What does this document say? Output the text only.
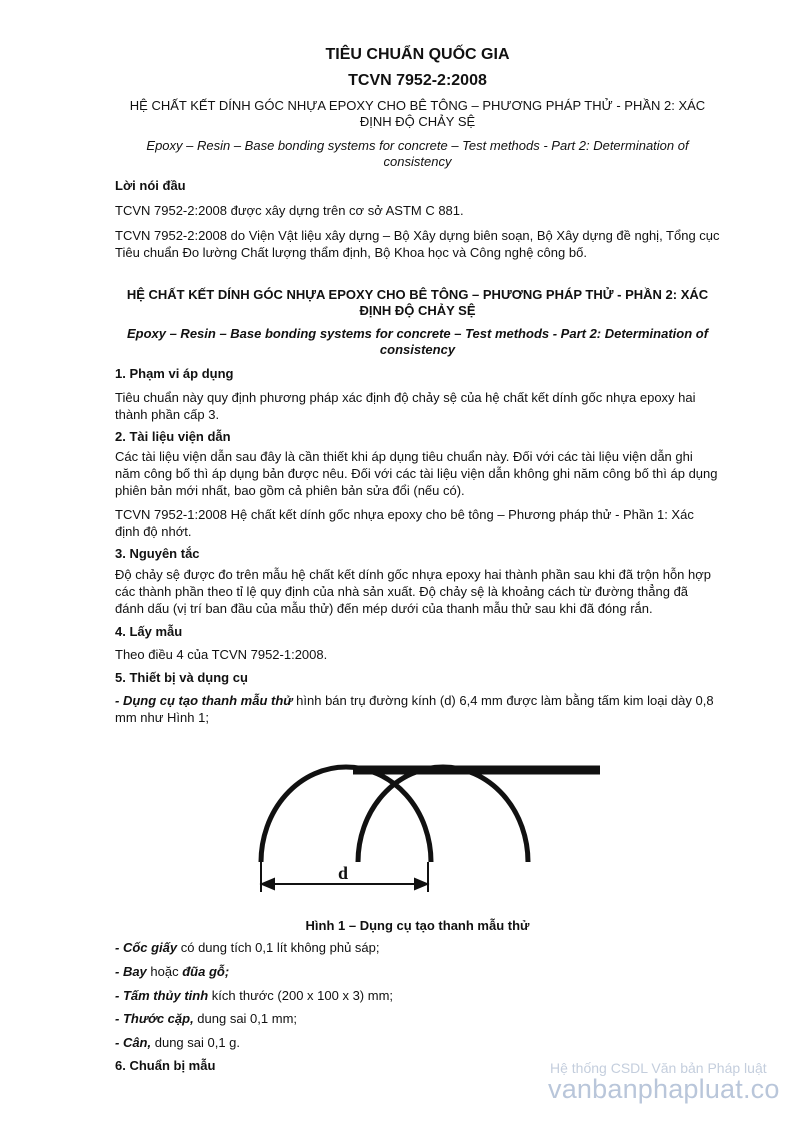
TIÊU CHUẨN QUỐC GIA
TCVN 7952-2:2008
HỆ CHẤT KẾT DÍNH GÓC NHỰA EPOXY CHO BÊ TÔNG – PHƯƠNG PHÁP THỬ - PHẦN 2: XÁC ĐỊNH ĐỘ CHẢY SỆ
Epoxy – Resin – Base bonding systems for concrete – Test methods - Part 2: Determination of consistency
Lời nói đầu
TCVN 7952-2:2008 được xây dựng trên cơ sở ASTM C 881.
TCVN 7952-2:2008 do Viện Vật liệu xây dựng – Bộ Xây dựng biên soạn, Bộ Xây dựng đề nghị, Tổng cục Tiêu chuẩn Đo lường Chất lượng thẩm định, Bộ Khoa học và Công nghệ công bố.
HỆ CHẤT KẾT DÍNH GÓC NHỰA EPOXY CHO BÊ TÔNG – PHƯƠNG PHÁP THỬ - PHẦN 2: XÁC ĐỊNH ĐỘ CHẢY SỆ
Epoxy – Resin – Base bonding systems for concrete – Test methods - Part 2: Determination of consistency
1. Phạm vi áp dụng
Tiêu chuẩn này quy định phương pháp xác định độ chảy sệ của hệ chất kết dính gốc nhựa epoxy hai thành phần cấp 3.
2. Tài liệu viện dẫn
Các tài liệu viện dẫn sau đây là cần thiết khi áp dụng tiêu chuẩn này. Đối với các tài liệu viện dẫn ghi năm công bố thì áp dụng bản được nêu. Đối với các tài liệu viện dẫn không ghi năm công bố thì áp dụng phiên bản mới nhất, bao gồm cả phiên bản sửa đổi (nếu có).
TCVN 7952-1:2008 Hệ chất kết dính gốc nhựa epoxy cho bê tông – Phương pháp thử - Phần 1: Xác định độ nhớt.
3. Nguyên tắc
Độ chảy sệ được đo trên mẫu hệ chất kết dính gốc nhựa epoxy hai thành phần sau khi đã trộn hỗn hợp các thành phần theo tỉ lệ quy định của nhà sản xuất. Độ chảy sệ là khoảng cách từ đường thẳng đã đánh dấu (vị trí ban đầu của mẫu thử) đến mép dưới của thanh mẫu thử sau khi đã đóng rắn.
4. Lấy mẫu
Theo điều 4 của TCVN 7952-1:2008.
5. Thiết bị và dụng cụ
- Dụng cụ tạo thanh mẫu thử hình bán trụ đường kính (d) 6,4 mm được làm bằng tấm kim loại dày 0,8 mm như Hình 1;
Hình 1 – Dụng cụ tạo thanh mẫu thử
- Cốc giấy có dung tích 0,1 lít không phủ sáp;
- Bay hoặc đũa gỗ;
- Tấm thủy tinh kích thước (200 x 100 x 3) mm;
- Thước cặp, dung sai 0,1 mm;
- Cân, dung sai 0,1 g.
6. Chuẩn bị mẫu
d
Hệ thống CSDL Văn bản Pháp luật
vanbanphapluat.co
